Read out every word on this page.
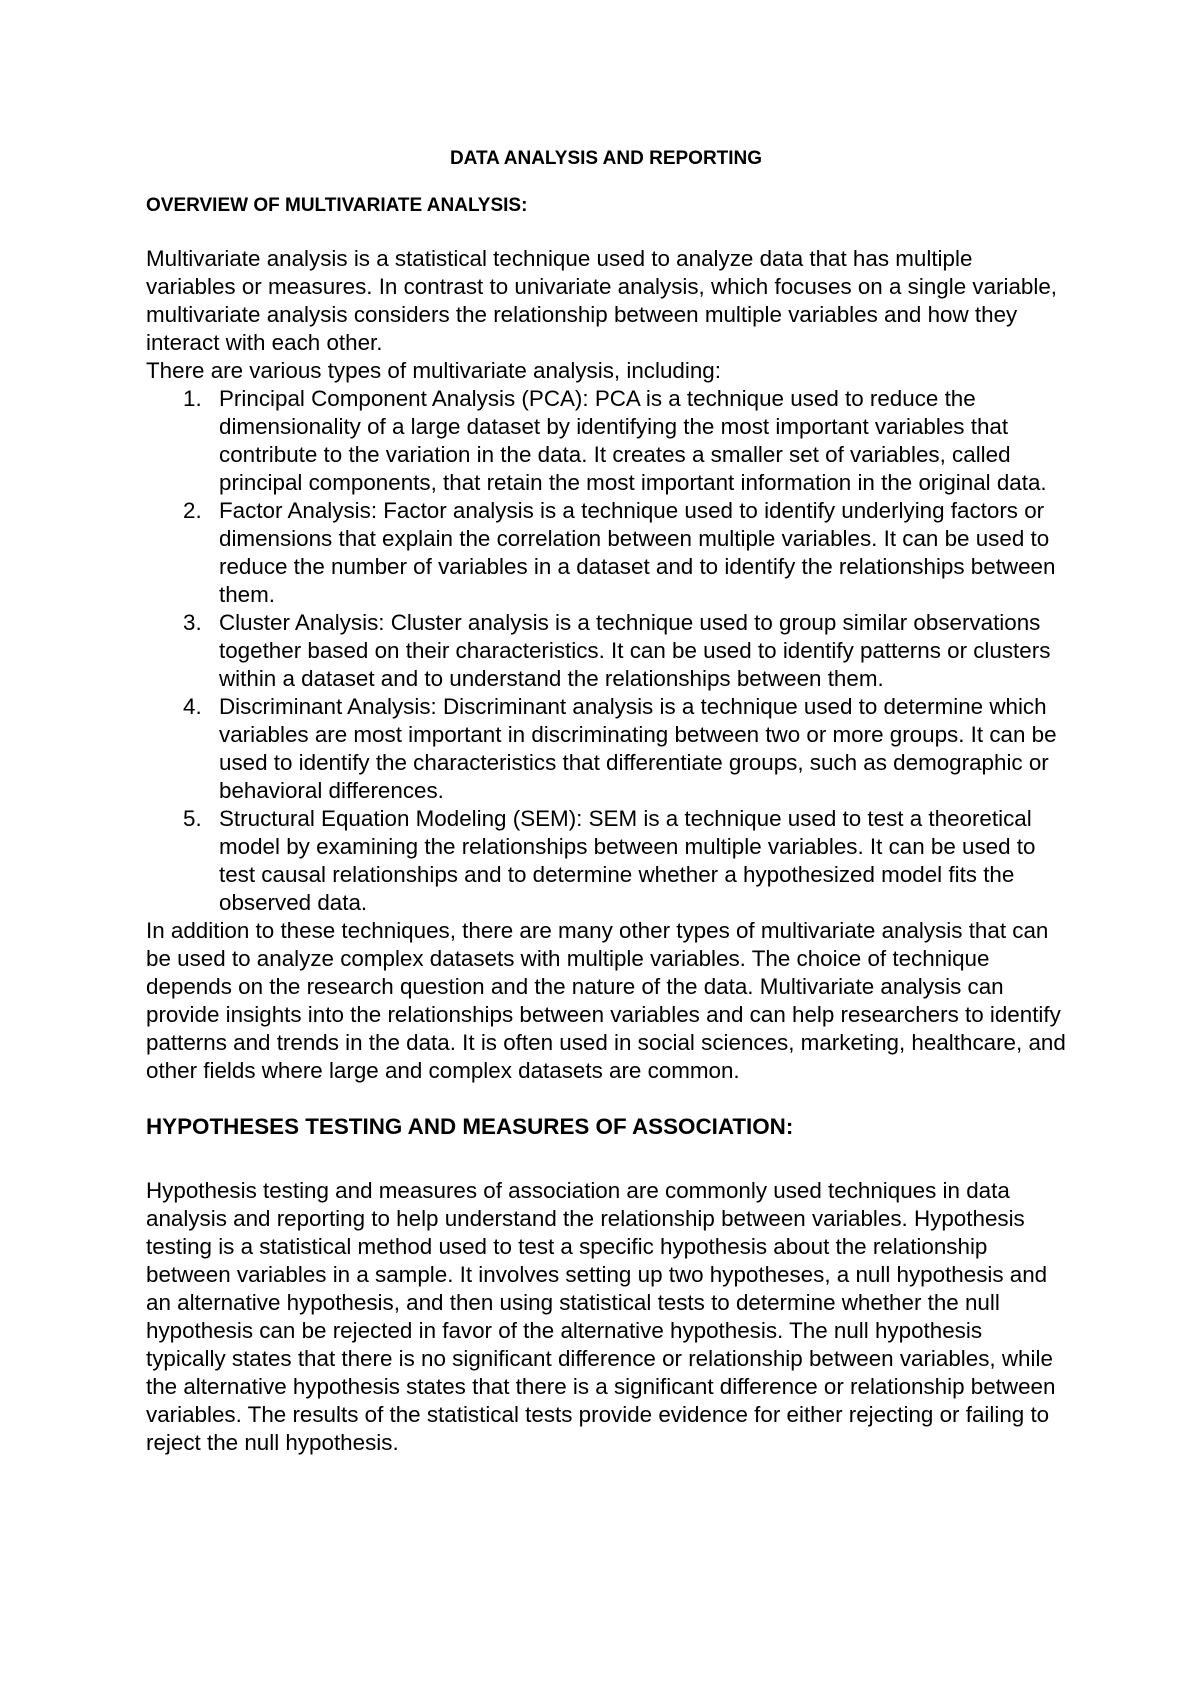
DATA ANALYSIS AND REPORTING
OVERVIEW OF MULTIVARIATE ANALYSIS:

Multivariate analysis is a statistical technique used to analyze data that has multiple variables or measures. In contrast to univariate analysis, which focuses on a single variable, multivariate analysis considers the relationship between multiple variables and how they interact with each other.

There are various types of multivariate analysis, including:

1. Principal Component Analysis (PCA): PCA is a technique used to reduce the dimensionality of a large dataset by identifying the most important variables that contribute to the variation in the data. It creates a smaller set of variables, called principal components, that retain the most important information in the original data.
2. Factor Analysis: Factor analysis is a technique used to identify underlying factors or dimensions that explain the correlation between multiple variables. It can be used to reduce the number of variables in a dataset and to identify the relationships between them.
3. Cluster Analysis: Cluster analysis is a technique used to group similar observations together based on their characteristics. It can be used to identify patterns or clusters within a dataset and to understand the relationships between them.
4. Discriminant Analysis: Discriminant analysis is a technique used to determine which variables are most important in discriminating between two or more groups. It can be used to identify the characteristics that differentiate groups, such as demographic or behavioral differences.
5. Structural Equation Modeling (SEM): SEM is a technique used to test a theoretical model by examining the relationships between multiple variables. It can be used to test causal relationships and to determine whether a hypothesized model fits the observed data.

In addition to these techniques, there are many other types of multivariate analysis that can be used to analyze complex datasets with multiple variables. The choice of technique depends on the research question and the nature of the data. Multivariate analysis can provide insights into the relationships between variables and can help researchers to identify patterns and trends in the data. It is often used in social sciences, marketing, healthcare, and other fields where large and complex datasets are common.

HYPOTHESES TESTING AND MEASURES OF ASSOCIATION:

Hypothesis testing and measures of association are commonly used techniques in data analysis and reporting to help understand the relationship between variables. Hypothesis testing is a statistical method used to test a specific hypothesis about the relationship between variables in a sample. It involves setting up two hypotheses, a null hypothesis and an alternative hypothesis, and then using statistical tests to determine whether the null hypothesis can be rejected in favor of the alternative hypothesis. The null hypothesis typically states that there is no significant difference or relationship between variables, while the alternative hypothesis states that there is a significant difference or relationship between variables. The results of the statistical tests provide evidence for either rejecting or failing to reject the null hypothesis.
